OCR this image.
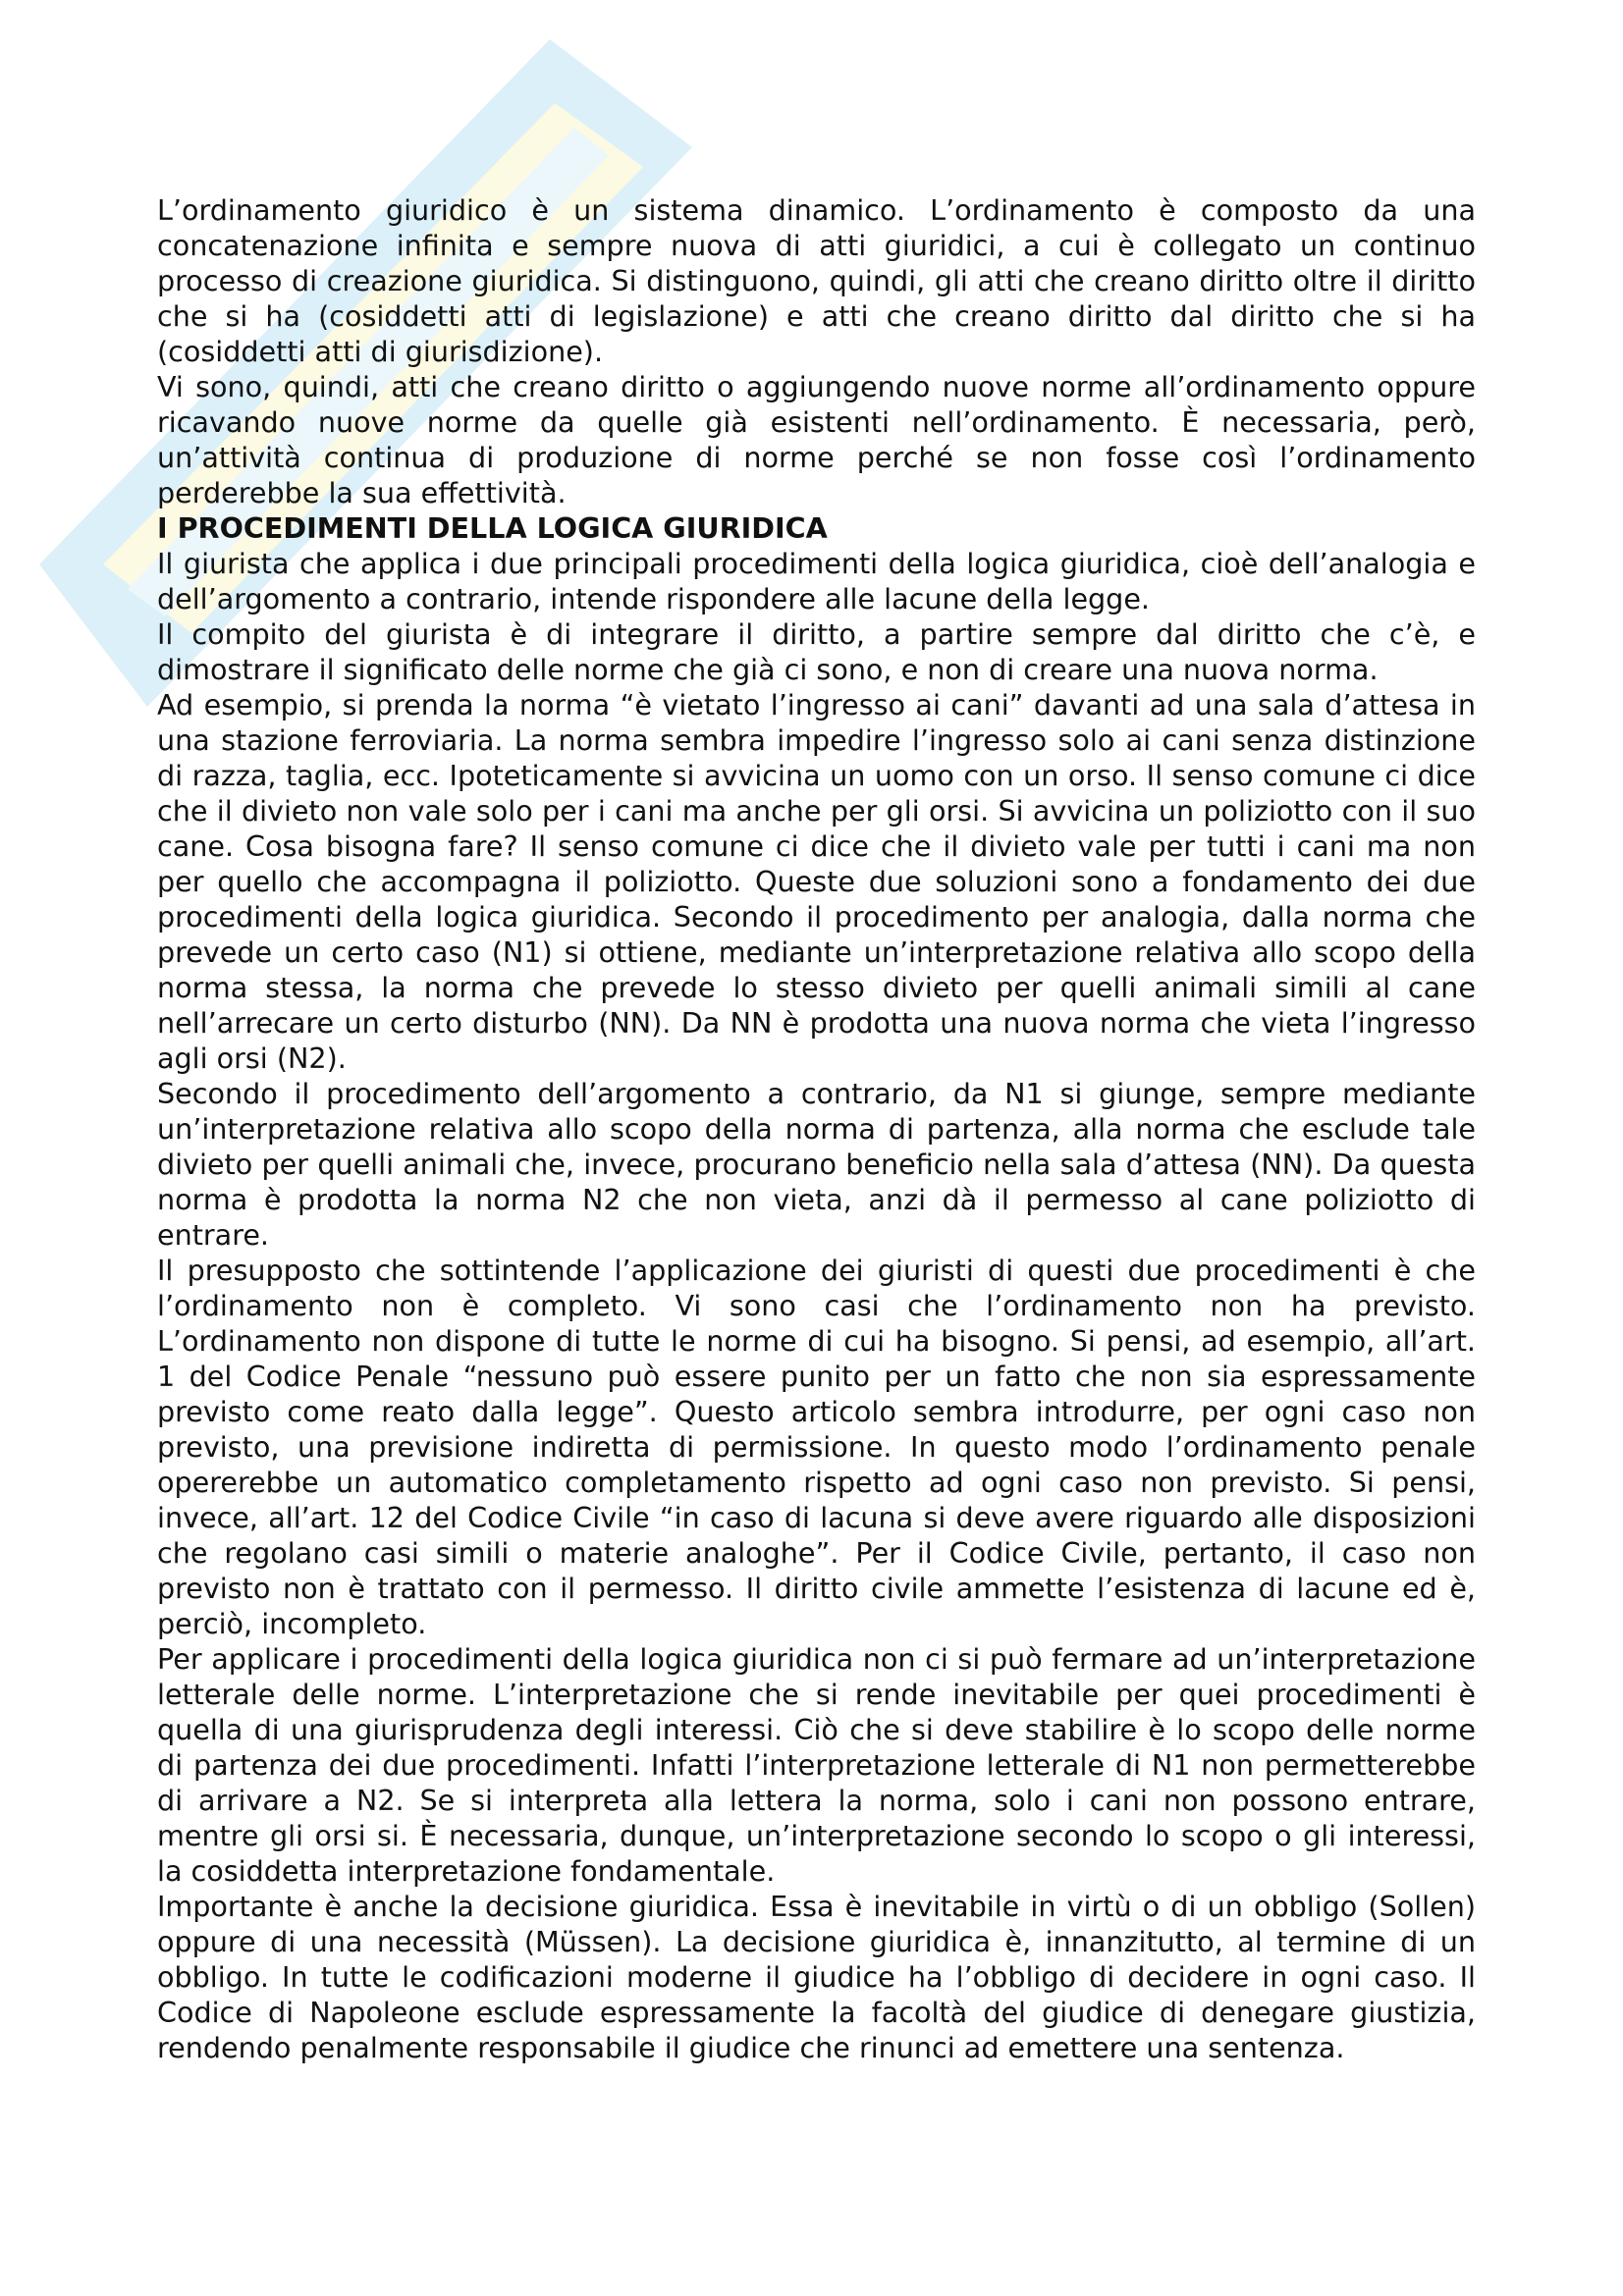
L’ordinamento giuridico è un sistema dinamico. L’ordinamento è composto da una concatenazione infinita e sempre nuova di atti giuridici, a cui è collegato un continuo processo di creazione giuridica. Si distinguono, quindi, gli atti che creano diritto oltre il diritto che si ha (cosiddetti atti di legislazione) e atti che creano diritto dal diritto che si ha (cosiddetti atti di giurisdizione).

Vi sono, quindi, atti che creano diritto o aggiungendo nuove norme all’ordinamento oppure ricavando nuove norme da quelle già esistenti nell’ordinamento. È necessaria, però, un’attività continua di produzione di norme perché se non fosse così l’ordinamento perderebbe la sua effettività.

I PROCEDIMENTI DELLA LOGICA GIURIDICA

Il giurista che applica i due principali procedimenti della logica giuridica, cioè dell’analogia e dell’argomento a contrario, intende rispondere alle lacune della legge.

Il compito del giurista è di integrare il diritto, a partire sempre dal diritto che c’è, e dimostrare il significato delle norme che già ci sono, e non di creare una nuova norma.

Ad esempio, si prenda la norma “è vietato l’ingresso ai cani” davanti ad una sala d’attesa in una stazione ferroviaria. La norma sembra impedire l’ingresso solo ai cani senza distinzione di razza, taglia, ecc. Ipoteticamente si avvicina un uomo con un orso. Il senso comune ci dice che il divieto non vale solo per i cani ma anche per gli orsi. Si avvicina un poliziotto con il suo cane. Cosa bisogna fare? Il senso comune ci dice che il divieto vale per tutti i cani ma non per quello che accompagna il poliziotto. Queste due soluzioni sono a fondamento dei due procedimenti della logica giuridica. Secondo il procedimento per analogia, dalla norma che prevede un certo caso (N1) si ottiene, mediante un’interpretazione relativa allo scopo della norma stessa, la norma che prevede lo stesso divieto per quelli animali simili al cane nell’arrecare un certo disturbo (NN). Da NN è prodotta una nuova norma che vieta l’ingresso agli orsi (N2).

Secondo il procedimento dell’argomento a contrario, da N1 si giunge, sempre mediante un’interpretazione relativa allo scopo della norma di partenza, alla norma che esclude tale divieto per quelli animali che, invece, procurano beneficio nella sala d’attesa (NN). Da questa norma è prodotta la norma N2 che non vieta, anzi dà il permesso al cane poliziotto di entrare.

Il presupposto che sottintende l’applicazione dei giuristi di questi due procedimenti è che l’ordinamento non è completo. Vi sono casi che l’ordinamento non ha previsto. L’ordinamento non dispone di tutte le norme di cui ha bisogno. Si pensi, ad esempio, all’art. 1 del Codice Penale “nessuno può essere punito per un fatto che non sia espressamente previsto come reato dalla legge”. Questo articolo sembra introdurre, per ogni caso non previsto, una previsione indiretta di permissione. In questo modo l’ordinamento penale opererebbe un automatico completamento rispetto ad ogni caso non previsto. Si pensi, invece, all’art. 12 del Codice Civile “in caso di lacuna si deve avere riguardo alle disposizioni che regolano casi simili o materie analoghe”. Per il Codice Civile, pertanto, il caso non previsto non è trattato con il permesso. Il diritto civile ammette l’esistenza di lacune ed è, perciò, incompleto.

Per applicare i procedimenti della logica giuridica non ci si può fermare ad un’interpretazione letterale delle norme. L’interpretazione che si rende inevitabile per quei procedimenti è quella di una giurisprudenza degli interessi. Ciò che si deve stabilire è lo scopo delle norme di partenza dei due procedimenti. Infatti l’interpretazione letterale di N1 non permetterebbe di arrivare a N2. Se si interpreta alla lettera la norma, solo i cani non possono entrare, mentre gli orsi si. È necessaria, dunque, un’interpretazione secondo lo scopo o gli interessi, la cosiddetta interpretazione fondamentale.

Importante è anche la decisione giuridica. Essa è inevitabile in virtù o di un obbligo (Sollen) oppure di una necessità (Müssen). La decisione giuridica è, innanzitutto, al termine di un obbligo. In tutte le codificazioni moderne il giudice ha l’obbligo di decidere in ogni caso. Il Codice di Napoleone esclude espressamente la facoltà del giudice di denegare giustizia, rendendo penalmente responsabile il giudice che rinunci ad emettere una sentenza.
